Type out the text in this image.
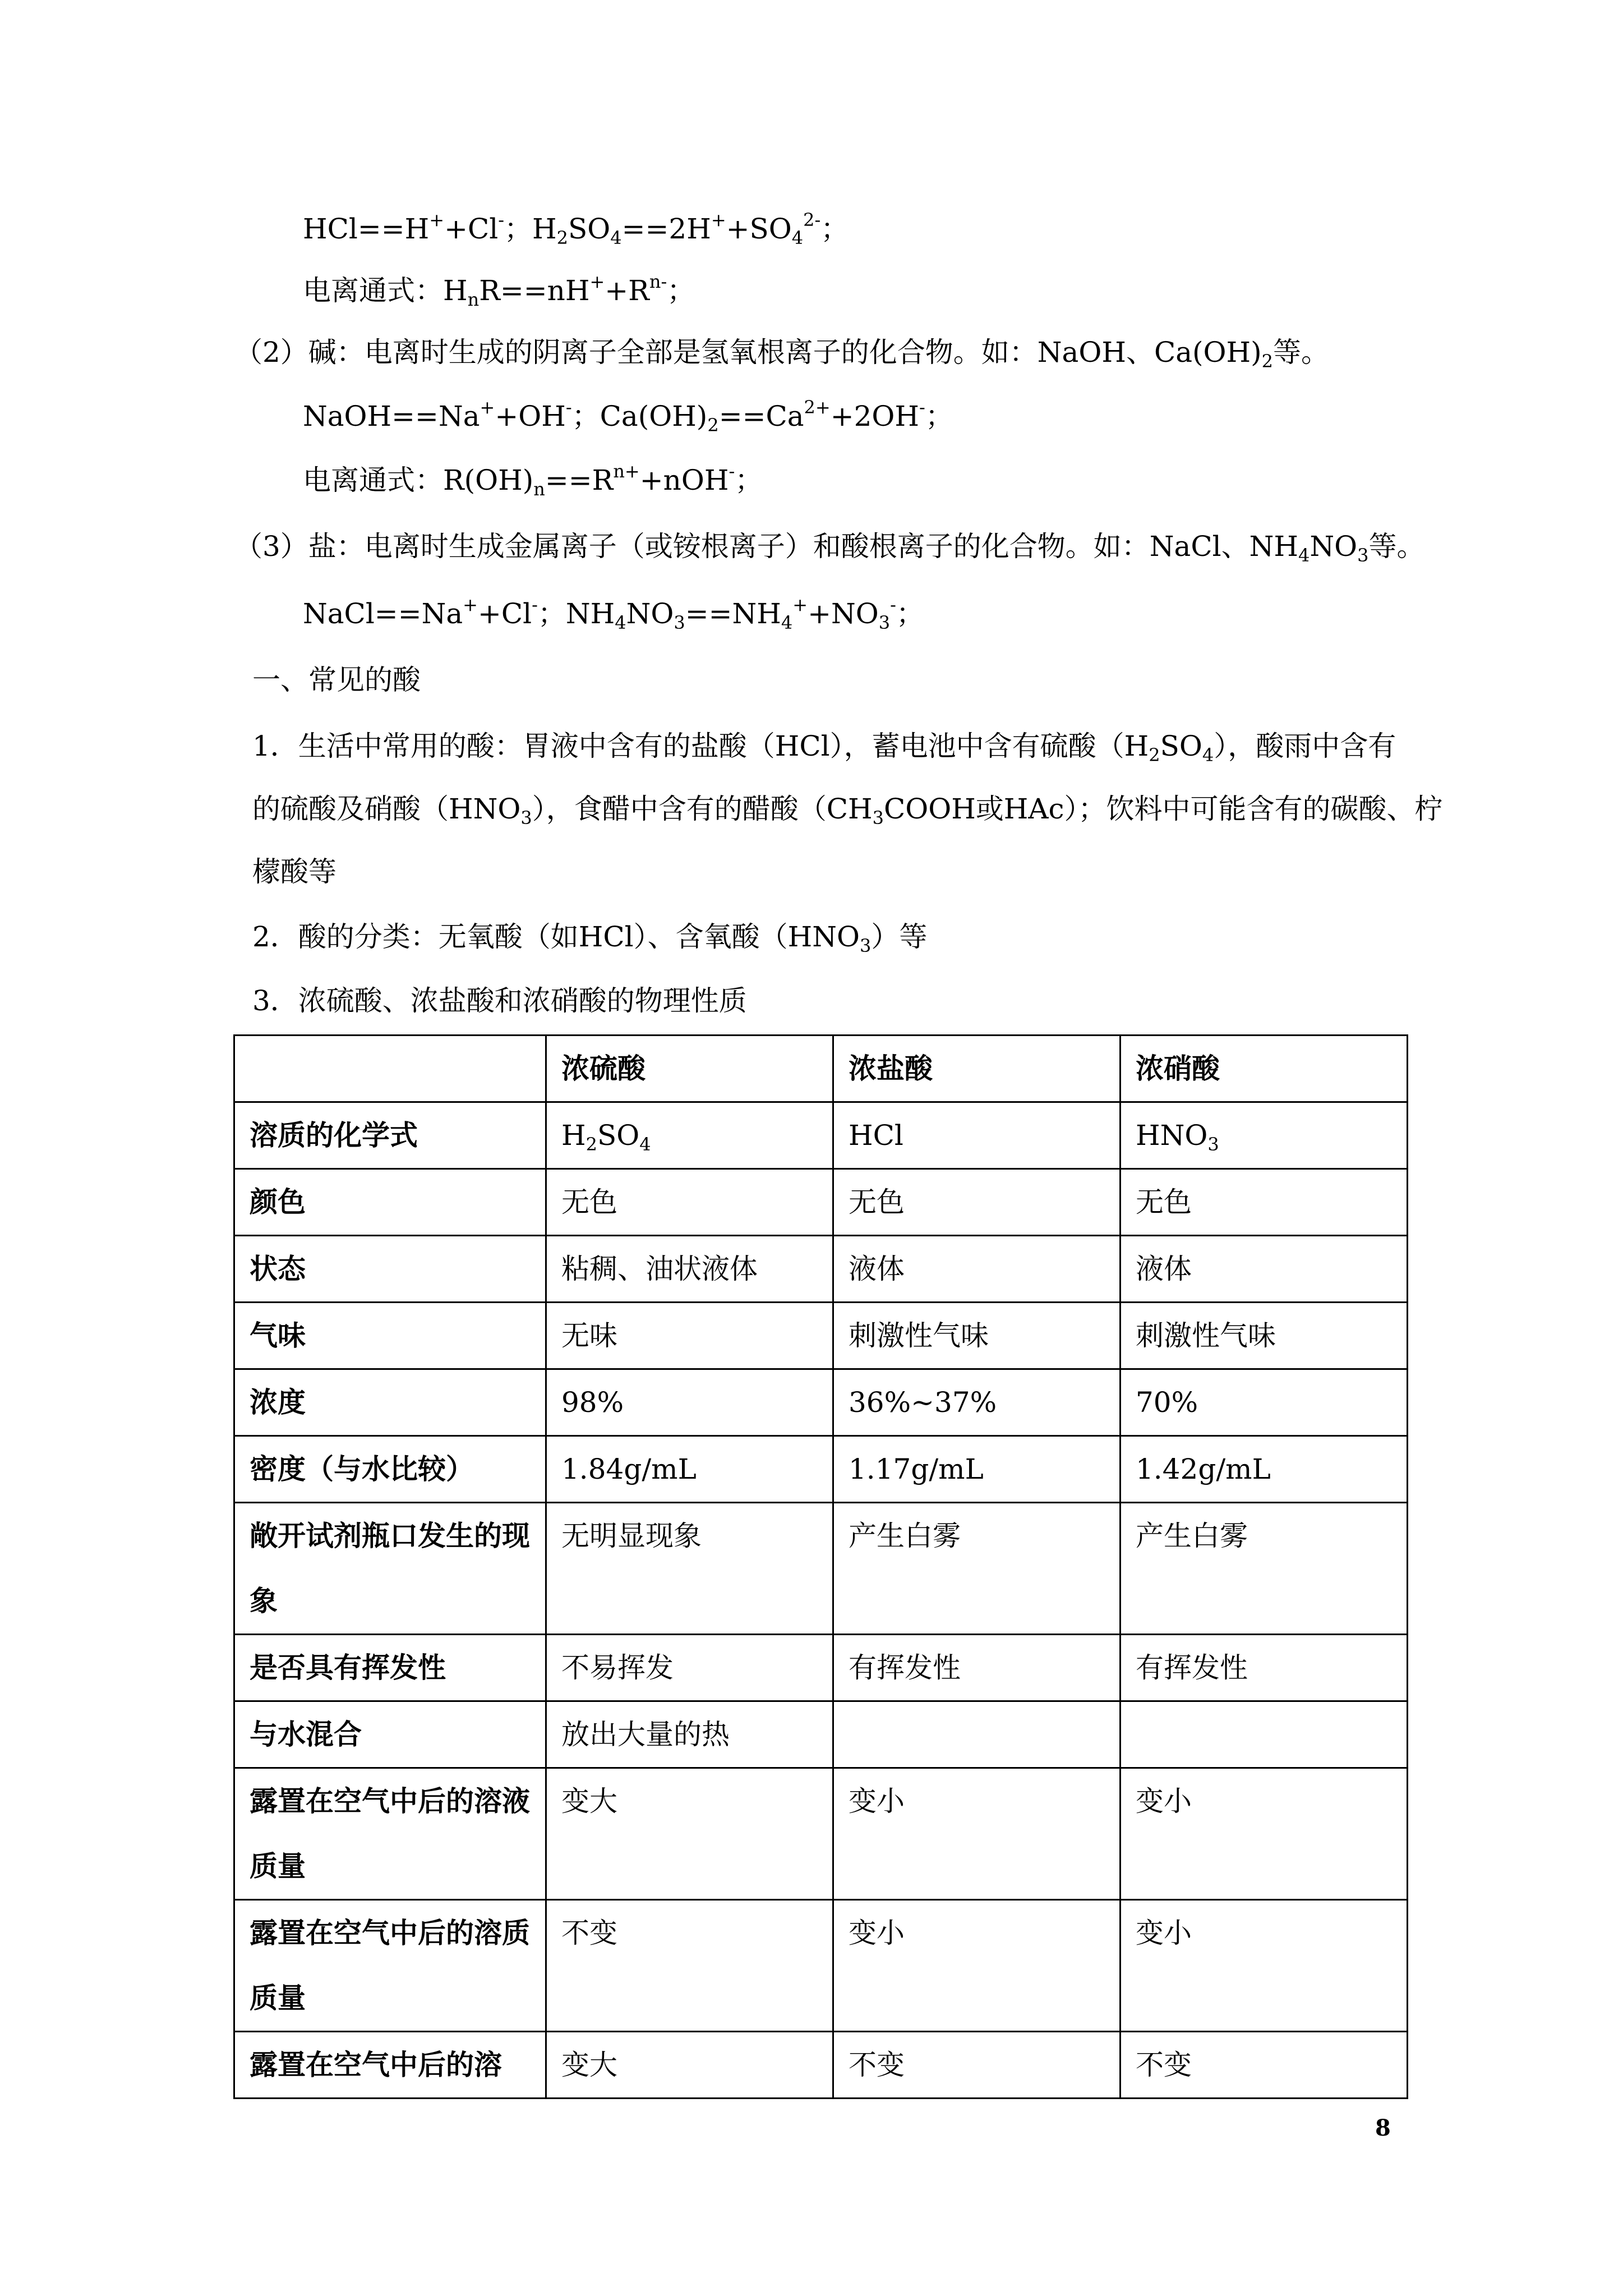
HCl==H++Cl-；$H_2SO_4==2H^++SO_4^{2-}$；
电离通式：$H_nR==nH^++R^{n-}$；
（2）碱：电离时生成的阴离子全部是氢氧根离子的化合物。如：NaOH、$Ca(OH)_2$等。
NaOH==Na++OH-；$Ca(OH)_2==Ca^{2+}+2OH^-$；
电离通式：$R(OH)_n==R^{n+}+nOH^-$；
（3）盐：电离时生成金属离子（或铵根离子）和酸根离子的化合物。如：NaCl、$NH_4NO_3$等。
NaCl==Na++Cl-；$NH_4NO_3==NH_4^++NO_3^-$；
一、常见的酸
1．生活中常用的酸：胃液中含有的盐酸（HCl），蓄电池中含有硫酸$(H_2SO_4)$，酸雨中含有
的硫酸及硝酸$(HNO_3)$，食醋中含有的醋酸（$CH_3COOH$或HAc）；饮料中可能含有的碳酸、柠
檬酸等
2．酸的分类：无氧酸（如HCl）、含氧酸$(HNO_3)$等
3．浓硫酸、浓盐酸和浓硝酸的物理性质
	浓硫酸	浓盐酸	浓硝酸
溶质的化学式	$H_2SO_4$	HCl	$HNO_3$
颜色	无色	无色	无色
状态	粘稠、油状液体	液体	液体
气味	无味	刺激性气味	刺激性气味
浓度	98%	36%~37%	70%
密度（与水比较）	1.84g/mL	1.17g/mL	1.42g/mL
敞开试剂瓶口发生的现象	无明显现象	产生白雾	产生白雾
是否具有挥发性	不易挥发	有挥发性	有挥发性
与水混合	放出大量的热		
露置在空气中后的溶液质量	变大	变小	变小
露置在空气中后的溶质质量	不变	变小	变小
露置在空气中后的溶	变大	不变	不变
8
